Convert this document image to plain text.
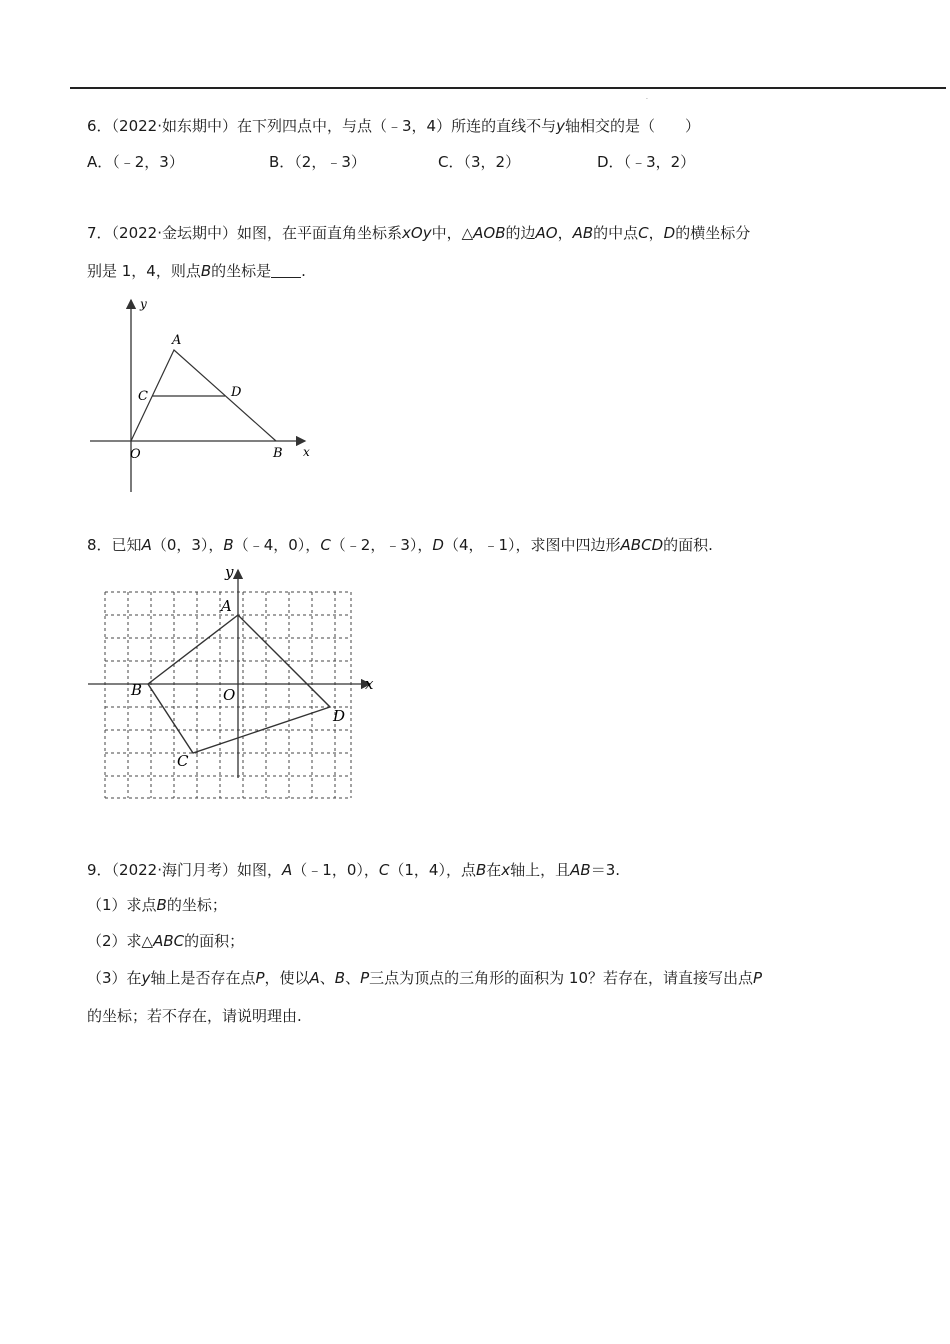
·
6．（2022·如东期中）在下列四点中，与点（﹣3，4）所连的直线不与y轴相交的是（　　）
A．（﹣2，3）	B．（2，﹣3）	C．（3，2）	D．（﹣3，2）
7．（2022·金坛期中）如图，在平面直角坐标系xOy中，△AOB的边AO，AB的中点C，D的横坐标分
别是 1，4，则点B的坐标是 .
y
A
C	D
O	B x
8．已知A（0，3），B（﹣4，0），C（﹣2，﹣3），D（4，﹣1），求图中四边形ABCD的面积.
y
A
B	O
x
D
C
9．（2022·海门月考）如图，A（﹣1，0），C（1，4），点B在x轴上，且AB＝3.
（1）求点B的坐标；
（2）求△ABC的面积；
（3）在y轴上是否存在点P，使以A、B、P三点为顶点的三角形的面积为 10？若存在，请直接写出点P
的坐标；若不存在，请说明理由.
